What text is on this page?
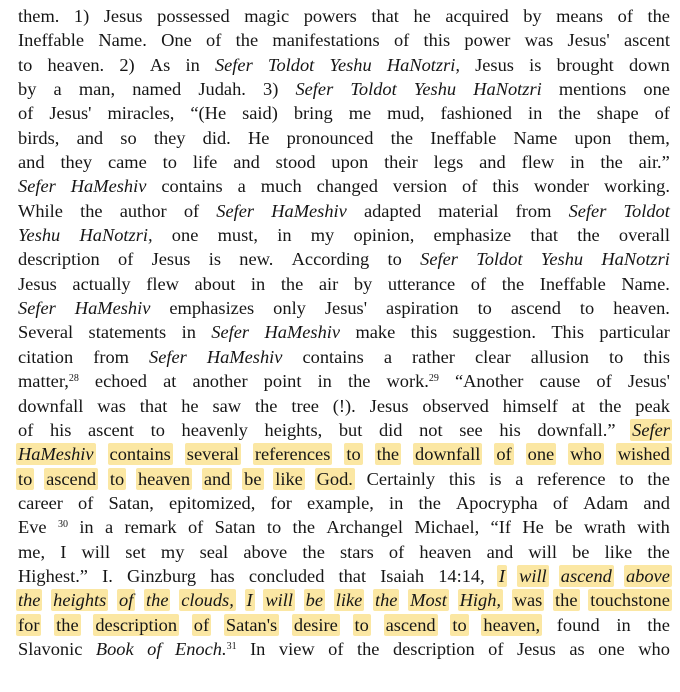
them. 1) Jesus possessed magic powers that he acquired by means of the
Ineffable Name. One of the manifestations of this power was Jesus' ascent
to heaven. 2) As in Sefer Toldot Yeshu HaNotzri, Jesus is brought down
by a man, named Judah. 3) Sefer Toldot Yeshu HaNotzri mentions one
of Jesus' miracles, “(He said) bring me mud, fashioned in the shape of
birds, and so they did. He pronounced the Ineffable Name upon them,
and they came to life and stood upon their legs and flew in the air.”
Sefer HaMeshiv contains a much changed version of this wonder working.
While the author of Sefer HaMeshiv adapted material from Sefer Toldot
Yeshu HaNotzri, one must, in my opinion, emphasize that the overall
description of Jesus is new. According to Sefer Toldot Yeshu HaNotzri
Jesus actually flew about in the air by utterance of the Ineffable Name.
Sefer HaMeshiv emphasizes only Jesus' aspiration to ascend to heaven.
Several statements in Sefer HaMeshiv make this suggestion. This particular
citation from Sefer HaMeshiv contains a rather clear allusion to this
matter,$^{28}$ echoed at another point in the work.$^{29}$ “Another cause of Jesus'
downfall was that he saw the tree (!). Jesus observed himself at the peak
of his ascent to heavenly heights, but did not see his downfall.” Sefer
HaMeshiv contains several references to the downfall of one who wished
to ascend to heaven and be like God. Certainly this is a reference to the
career of Satan, epitomized, for example, in the Apocrypha of Adam and
Eve $^{30}$ in a remark of Satan to the Archangel Michael, “If He be wrath with
me, I will set my seal above the stars of heaven and will be like the
Highest.” I. Ginzburg has concluded that Isaiah 14:14, I will ascend above
the heights of the clouds, I will be like the Most High, was the touchstone
for the description of Satan's desire to ascend to heaven, found in the
Slavonic Book of Enoch.$^{31}$ In view of the description of Jesus as one who
